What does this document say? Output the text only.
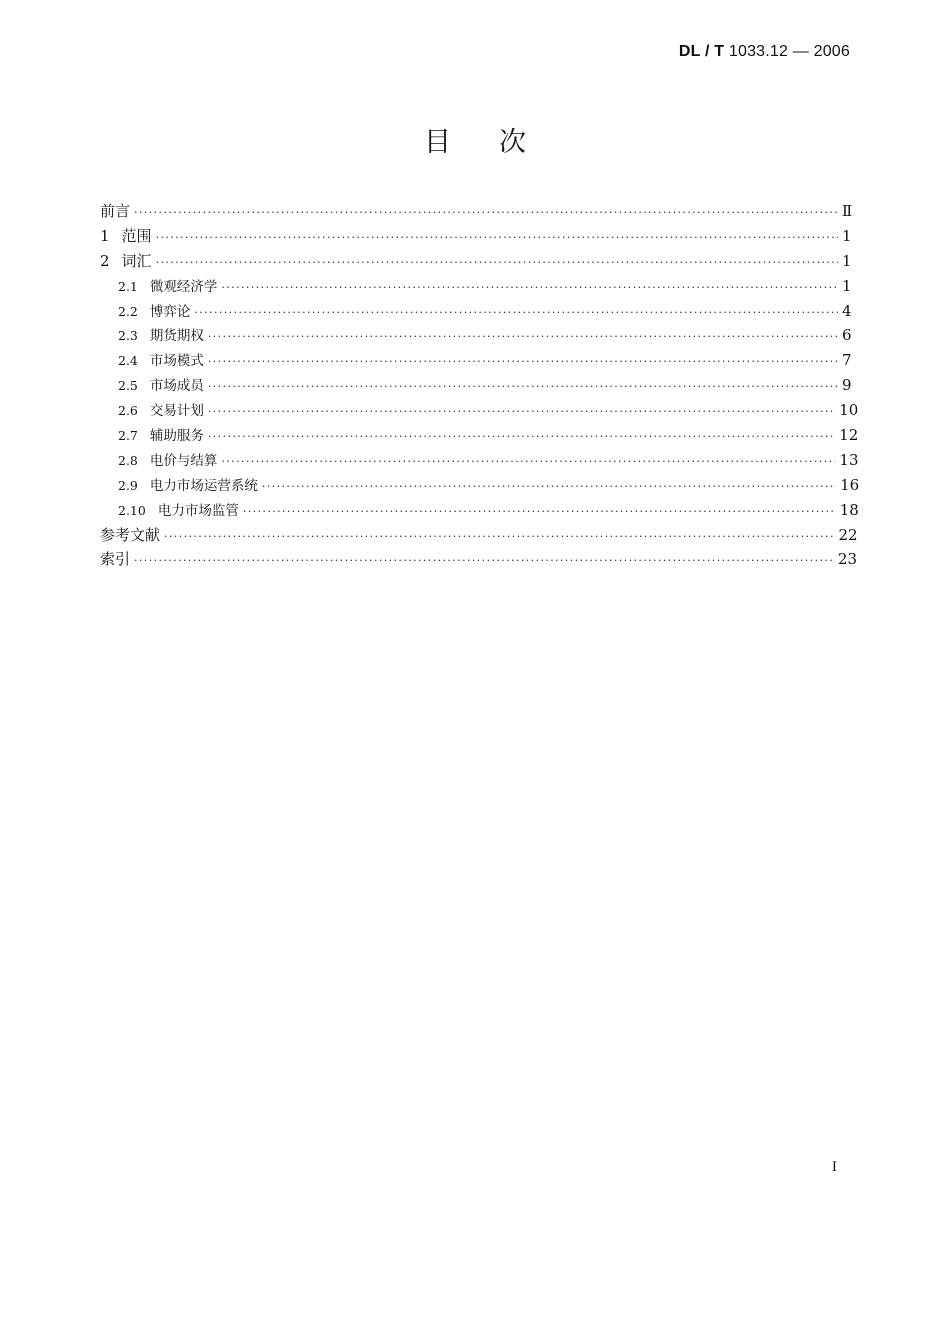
DL / T 1033.12 — 2006
目次
前言 ·····	Ⅱ
1 范围 ·····	1
2 词汇 ·····	1
2.1 微观经济学 ·····	1
2.2 博弈论 ·····	4
2.3 期货期权 ·····	6
2.4 市场模式 ·····	7
2.5 市场成员 ·····	9
2.6 交易计划 ·····	10
2.7 辅助服务 ·····	12
2.8 电价与结算 ·····	13
2.9 电力市场运营系统 ·····	16
2.10 电力市场监管 ·····	18
参考文献 ·····	22
索引 ·····	23
I
